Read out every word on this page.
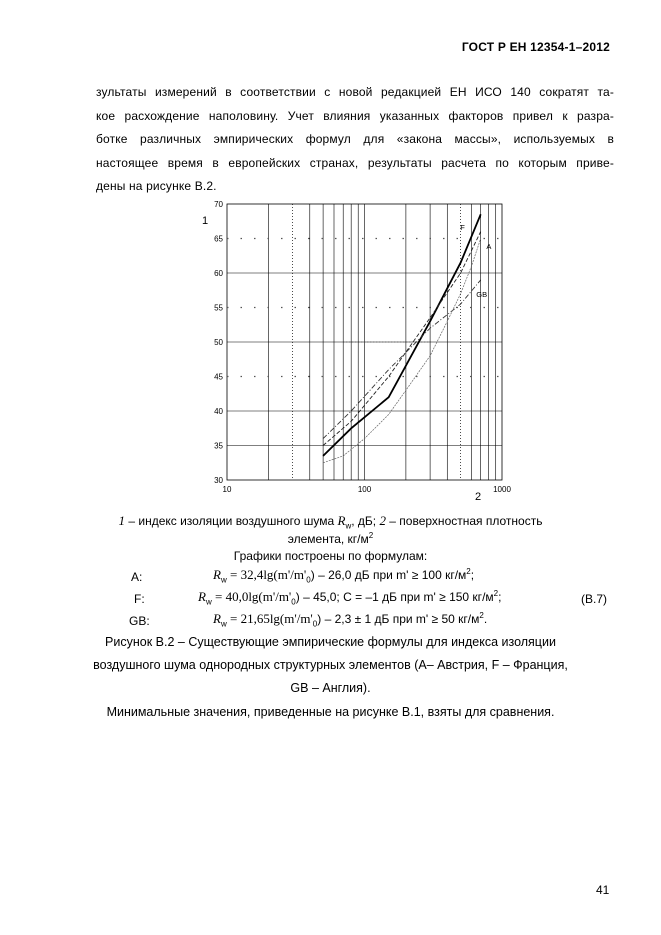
ГОСТ Р ЕН 12354-1–2012
зультаты измерений в соответствии с новой редакцией ЕН ИСО 140 сократят та-
кое расхождение наполовину. Учет влияния указанных факторов привел к разра-
ботке различных эмпирических формул для «закона массы», используемых в
настоящее время в европейских странах, результаты расчета по которым приве-
дены на рисунке В.2.
30
35
40
45
50
55
60
65
70
10	100	1000
1
2
F
A
GB
1 – индекс изоляции воздушного шума $R_w$, дБ; 2 – поверхностная плотность
элемента, $кг/м^2$
Графики построены по формулам:
A:	$R_w = 32,4\lg(m'/m'_0) - 26,0$ дБ при m' ≥ 100 $кг/м^2$;
F:	$R_w = 40,0\lg(m'/m'_0) - 45,0$; C = –1 дБ при m' ≥ 150 $кг/м^2$;	(В.7)
GB:	$R_w = 21,65\lg(m'/m'_0) - 2,3 \pm 1$ дБ при m' ≥ 50 $кг/м^2$.
Рисунок В.2 – Существующие эмпирические формулы для индекса изоляции
воздушного шума однородных структурных элементов (А– Австрия, F – Франция,
GB – Англия).
Минимальные значения, приведенные на рисунке В.1, взяты для сравнения.
41
